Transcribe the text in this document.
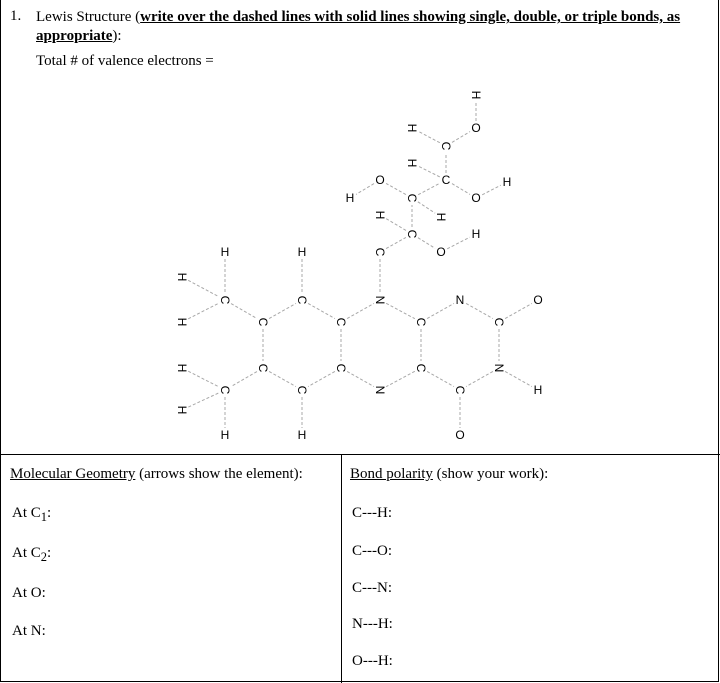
1. Lewis Structure (write over the dashed lines with solid lines showing single, double, or triple bonds, as appropriate):
Total # of valence electrons =
H
O
C
H
C
O
H
H
O
C
H
H
C
H
O
C
H
H	H
H
N
C	C	N	O
H	C	C	C	C
H	C	C	C	N
H
C	C	N	C
H
H	H	O
Molecular Geometry (arrows show the element):
At $C_1$:
At $C_2$:
At O:
At N:
Bond polarity (show your work):
C---H:
C---O:
C---N:
N---H:
O---H:
